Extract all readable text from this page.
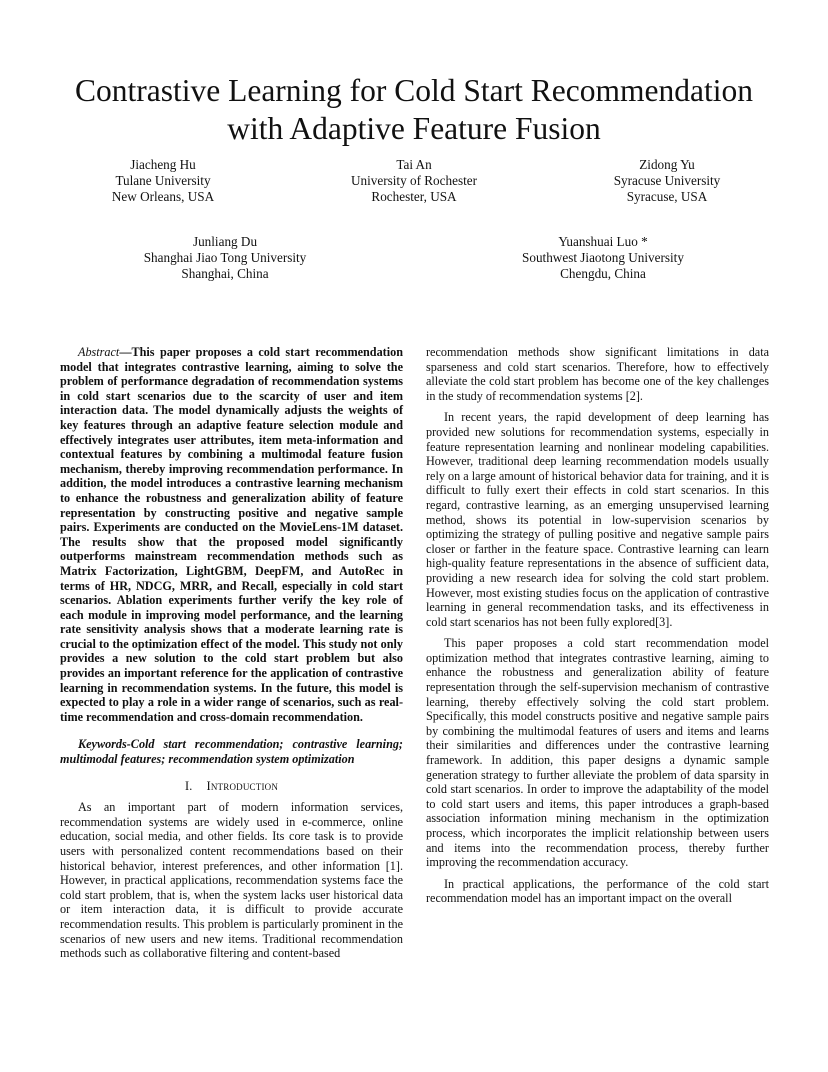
Contrastive Learning for Cold Start Recommendation
with Adaptive Feature Fusion
Jiacheng Hu
Tulane University
New Orleans, USA
Tai An
University of Rochester
Rochester, USA
Zidong Yu
Syracuse University
Syracuse, USA
Junliang Du
Shanghai Jiao Tong University
Shanghai, China
Yuanshuai Luo *
Southwest Jiaotong University
Chengdu, China

Abstract—This paper proposes a cold start recommendation model that integrates contrastive learning, aiming to solve the problem of performance degradation of recommendation systems in cold start scenarios due to the scarcity of user and item interaction data. The model dynamically adjusts the weights of key features through an adaptive feature selection module and effectively integrates user attributes, item meta-information and contextual features by combining a multimodal feature fusion mechanism, thereby improving recommendation performance. In addition, the model introduces a contrastive learning mechanism to enhance the robustness and generalization ability of feature representation by constructing positive and negative sample pairs. Experiments are conducted on the MovieLens-1M dataset. The results show that the proposed model significantly outperforms mainstream recommendation methods such as Matrix Factorization, LightGBM, DeepFM, and AutoRec in terms of HR, NDCG, MRR, and Recall, especially in cold start scenarios. Ablation experiments further verify the key role of each module in improving model performance, and the learning rate sensitivity analysis shows that a moderate learning rate is crucial to the optimization effect of the model. This study not only provides a new solution to the cold start problem but also provides an important reference for the application of contrastive learning in recommendation systems. In the future, this model is expected to play a role in a wider range of scenarios, such as real-time recommendation and cross-domain recommendation.

Keywords-Cold start recommendation; contrastive learning; multimodal features; recommendation system optimization

I. Introduction

As an important part of modern information services, recommendation systems are widely used in e-commerce, online education, social media, and other fields. Its core task is to provide users with personalized content recommendations based on their historical behavior, interest preferences, and other information [1]. However, in practical applications, recommendation systems face the cold start problem, that is, when the system lacks user historical data or item interaction data, it is difficult to provide accurate recommendation results. This problem is particularly prominent in the scenarios of new users and new items. Traditional recommendation methods such as collaborative filtering and content-based

recommendation methods show significant limitations in data sparseness and cold start scenarios. Therefore, how to effectively alleviate the cold start problem has become one of the key challenges in the study of recommendation systems [2].

In recent years, the rapid development of deep learning has provided new solutions for recommendation systems, especially in feature representation learning and nonlinear modeling capabilities. However, traditional deep learning recommendation models usually rely on a large amount of historical behavior data for training, and it is difficult to fully exert their effects in cold start scenarios. In this regard, contrastive learning, as an emerging unsupervised learning method, shows its potential in low-supervision scenarios by optimizing the strategy of pulling positive and negative sample pairs closer or farther in the feature space. Contrastive learning can learn high-quality feature representations in the absence of sufficient data, providing a new research idea for solving the cold start problem. However, most existing studies focus on the application of contrastive learning in general recommendation tasks, and its effectiveness in cold start scenarios has not been fully explored[3].

This paper proposes a cold start recommendation model optimization method that integrates contrastive learning, aiming to enhance the robustness and generalization ability of feature representation through the self-supervision mechanism of contrastive learning, thereby effectively solving the cold start problem. Specifically, this model constructs positive and negative sample pairs by combining the multimodal features of users and items and learns their similarities and differences under the contrastive learning framework. In addition, this paper designs a dynamic sample generation strategy to further alleviate the problem of data sparsity in cold start scenarios. In order to improve the adaptability of the model to cold start users and items, this paper introduces a graph-based association information mining mechanism in the optimization process, which incorporates the implicit relationship between users and items into the recommendation process, thereby further improving the recommendation accuracy.

In practical applications, the performance of the cold start recommendation model has an important impact on the overall
